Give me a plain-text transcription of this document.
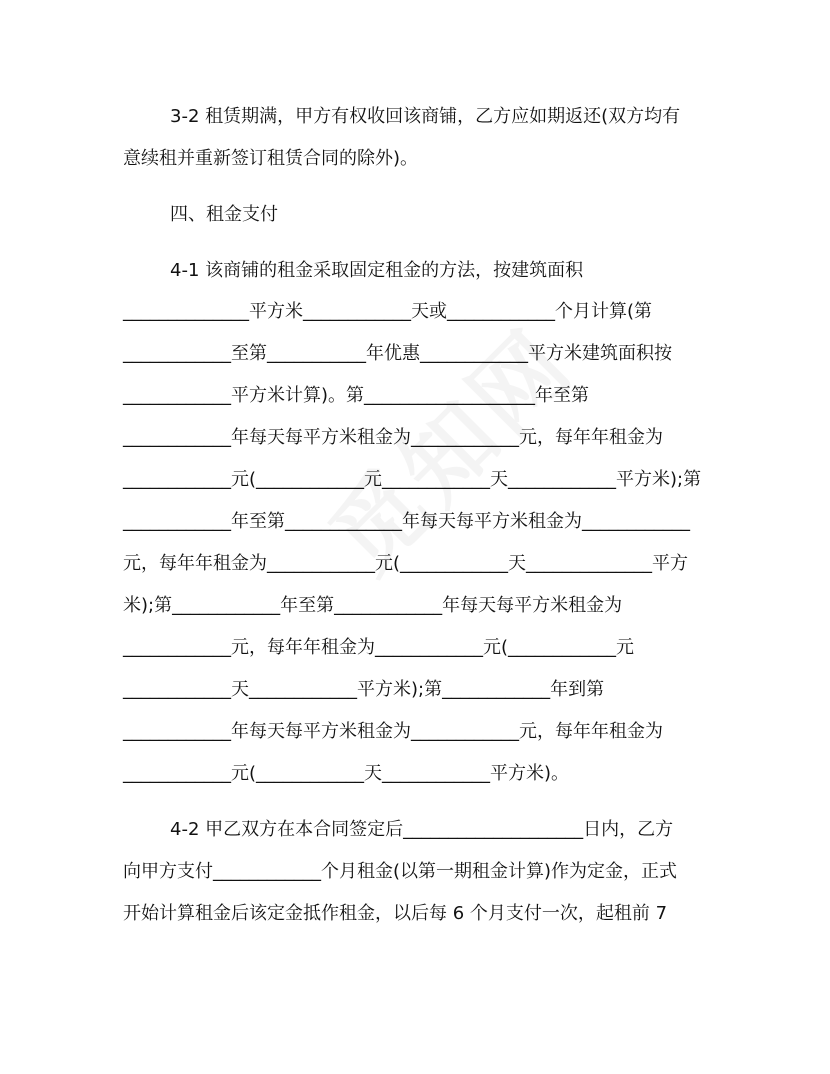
3-2 租赁期满，甲方有权收回该商铺，乙方应如期返还(双方均有
意续租并重新签订租赁合同的除外)。
四、租金支付
4-1 该商铺的租金采取固定租金的方法，按建筑面积
______________平方米____________天或____________个月计算(第
____________至第___________年优惠____________平方米建筑面积按
____________平方米计算)。第___________________年至第
____________年每天每平方米租金为____________元，每年年租金为
____________元(____________元____________天____________平方米);第
____________年至第_____________年每天每平方米租金为____________
元，每年年租金为____________元(____________天______________平方
米);第____________年至第____________年每天每平方米租金为
____________元，每年年租金为____________元(____________元
____________天____________平方米);第____________年到第
____________年每天每平方米租金为____________元，每年年租金为
____________元(____________天____________平方米)。
4-2 甲乙双方在本合同签定后____________________日内，乙方
向甲方支付____________个月租金(以第一期租金计算)作为定金，正式
开始计算租金后该定金抵作租金，以后每 6 个月支付一次，起租前 7
